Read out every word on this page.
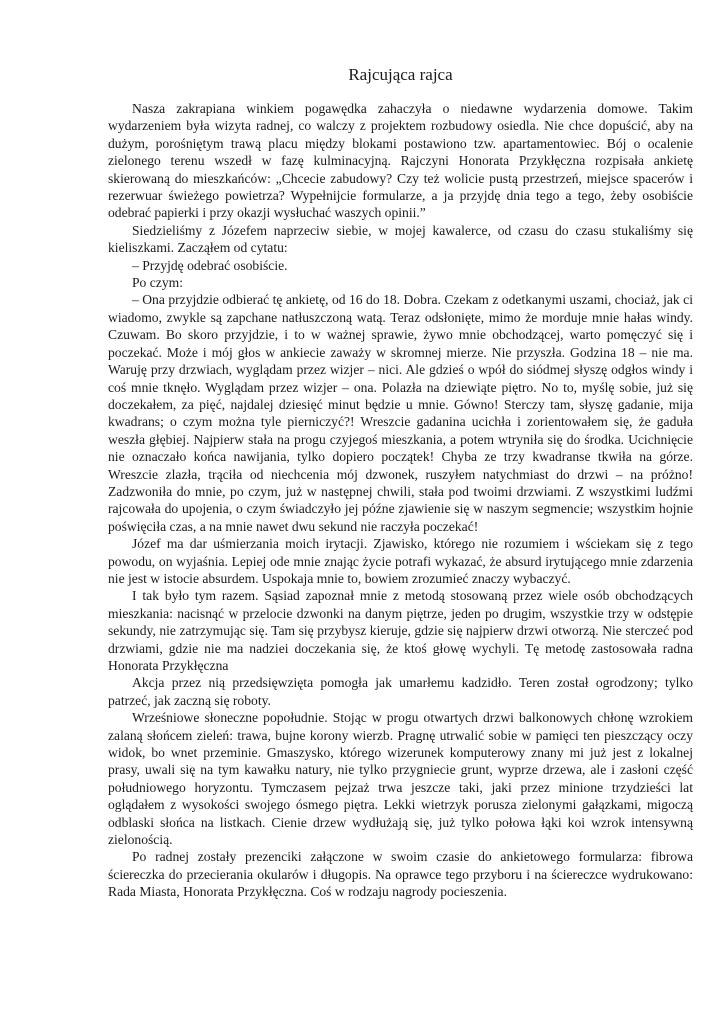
Rajcująca rajca

Nasza zakrapiana winkiem pogawędka zahaczyła o niedawne wydarzenia domowe. Takim wydarzeniem była wizyta radnej, co walczy z projektem rozbudowy osiedla. Nie chce dopuścić, aby na dużym, porośniętym trawą placu między blokami postawiono tzw. apartamentowiec. Bój o ocalenie zielonego terenu wszedł w fazę kulminacyjną. Rajczyni Honorata Przykłęczna rozpisała ankietę skierowaną do mieszkańców: „Chcecie zabudowy? Czy też wolicie pustą przestrzeń, miejsce spacerów i rezerwuar świeżego powietrza? Wypełnijcie formularze, a ja przyjdę dnia tego a tego, żeby osobiście odebrać papierki i przy okazji wysłuchać waszych opinii.”

Siedzieliśmy z Józefem naprzeciw siebie, w mojej kawalerce, od czasu do czasu stukaliśmy się kieliszkami. Zacząłem od cytatu:

– Przyjdę odebrać osobiście.

Po czym:

– Ona przyjdzie odbierać tę ankietę, od 16 do 18. Dobra. Czekam z odetkanymi uszami, chociaż, jak ci wiadomo, zwykle są zapchane natłuszczoną watą. Teraz odsłonięte, mimo że morduje mnie hałas windy. Czuwam. Bo skoro przyjdzie, i to w ważnej sprawie, żywo mnie obchodzącej, warto pomęczyć się i poczekać. Może i mój głos w ankiecie zaważy w skromnej mierze. Nie przyszła. Godzina 18 – nie ma. Waruję przy drzwiach, wyglądam przez wizjer – nici. Ale gdzieś o wpół do siódmej słyszę odgłos windy i coś mnie tknęło. Wyglądam przez wizjer – ona. Polazła na dziewiąte piętro. No to, myślę sobie, już się doczekałem, za pięć, najdalej dziesięć minut będzie u mnie. Gówno! Sterczy tam, słyszę gadanie, mija kwadrans; o czym można tyle pierniczyć?! Wreszcie gadanina ucichła i zorientowałem się, że gaduła weszła głębiej. Najpierw stała na progu czyjegoś mieszkania, a potem wtryniła się do środka. Ucichnięcie nie oznaczało końca nawijania, tylko dopiero początek! Chyba ze trzy kwadranse tkwiła na górze. Wreszcie zlazła, trąciła od niechcenia mój dzwonek, ruszyłem natychmiast do drzwi – na próżno! Zadzwoniła do mnie, po czym, już w następnej chwili, stała pod twoimi drzwiami. Z wszystkimi ludźmi rajcowała do upojenia, o czym świadczyło jej późne zjawienie się w naszym segmencie; wszystkim hojnie poświęciła czas, a na mnie nawet dwu sekund nie raczyła poczekać!

Józef ma dar uśmierzania moich irytacji. Zjawisko, którego nie rozumiem i wściekam się z tego powodu, on wyjaśnia. Lepiej ode mnie znając życie potrafi wykazać, że absurd irytującego mnie zdarzenia nie jest w istocie absurdem. Uspokaja mnie to, bowiem zrozumieć znaczy wybaczyć.

I tak było tym razem. Sąsiad zapoznał mnie z metodą stosowaną przez wiele osób obchodzących mieszkania: nacisnąć w przelocie dzwonki na danym piętrze, jeden po drugim, wszystkie trzy w odstępie sekundy, nie zatrzymując się. Tam się przybysz kieruje, gdzie się najpierw drzwi otworzą. Nie sterczeć pod drzwiami, gdzie nie ma nadziei doczekania się, że ktoś głowę wychyli. Tę metodę zastosowała radna Honorata Przykłęczna

Akcja przez nią przedsięwzięta pomogła jak umarłemu kadzidło. Teren został ogrodzony; tylko patrzeć, jak zaczną się roboty.

Wrześniowe słoneczne popołudnie. Stojąc w progu otwartych drzwi balkonowych chłonę wzrokiem zalaną słońcem zieleń: trawa, bujne korony wierzb. Pragnę utrwalić sobie w pamięci ten pieszczący oczy widok, bo wnet przeminie. Gmaszysko, którego wizerunek komputerowy znany mi już jest z lokalnej prasy, uwali się na tym kawałku natury, nie tylko przygniecie grunt, wyprze drzewa, ale i zasłoni część południowego horyzontu. Tymczasem pejzaż trwa jeszcze taki, jaki przez minione trzydzieści lat oglądałem z wysokości swojego ósmego piętra. Lekki wietrzyk porusza zielonymi gałązkami, migoczą odblaski słońca na listkach. Cienie drzew wydłużają się, już tylko połowa łąki koi wzrok intensywną zielonością.

Po radnej zostały prezenciki załączone w swoim czasie do ankietowego formularza: fibrowa ściereczka do przecierania okularów i długopis. Na oprawce tego przyboru i na ściereczce wydrukowano: Rada Miasta, Honorata Przykłęczna. Coś w rodzaju nagrody pocieszenia.
